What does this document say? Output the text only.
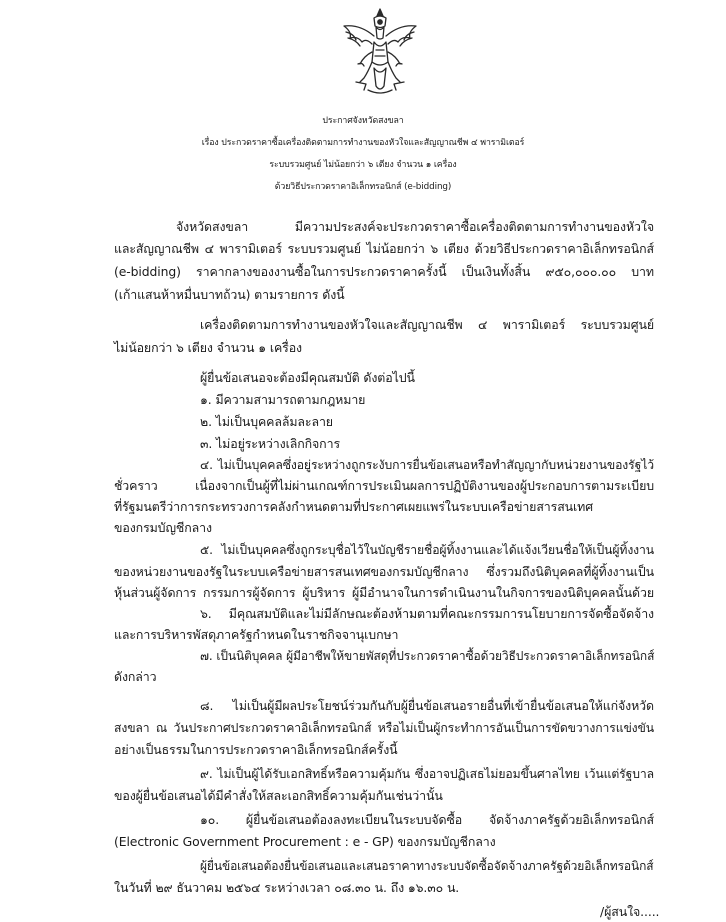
ประกาศจังหวัดสงขลา
เรื่อง ประกวดราคาซื้อเครื่องติดตามการทำงานของหัวใจและสัญญาณชีพ ๔ พารามิเตอร์
ระบบรวมศูนย์ ไม่น้อยกว่า ๖ เตียง จำนวน ๑ เครื่อง
ด้วยวิธีประกวดราคาอิเล็กทรอนิกส์ (e-bidding)
จังหวัดสงขลา มีความประสงค์จะประกวดราคาซื้อเครื่องติดตามการทำงานของหัวใจ
และสัญญาณชีพ ๔ พารามิเตอร์ ระบบรวมศูนย์ ไม่น้อยกว่า ๖ เตียง ด้วยวิธีประกวดราคาอิเล็กทรอนิกส์
(e-bidding) ราคากลางของงานซื้อในการประกวดราคาครั้งนี้ เป็นเงินทั้งสิ้น ๙๕๐,๐๐๐.๐๐ บาท
(เก้าแสนห้าหมื่นบาทถ้วน) ตามรายการ ดังนี้
เครื่องติดตามการทำงานของหัวใจและสัญญาณชีพ ๔ พารามิเตอร์ ระบบรวมศูนย์
ไม่น้อยกว่า ๖ เตียง จำนวน ๑ เครื่อง
ผู้ยื่นข้อเสนอจะต้องมีคุณสมบัติ ดังต่อไปนี้
๑. มีความสามารถตามกฎหมาย
๒. ไม่เป็นบุคคลล้มละลาย
๓. ไม่อยู่ระหว่างเลิกกิจการ
๔. ไม่เป็นบุคคลซึ่งอยู่ระหว่างถูกระงับการยื่นข้อเสนอหรือทำสัญญากับหน่วยงานของรัฐไว้
ชั่วคราว เนื่องจากเป็นผู้ที่ไม่ผ่านเกณฑ์การประเมินผลการปฏิบัติงานของผู้ประกอบการตามระเบียบ
ที่รัฐมนตรีว่าการกระทรวงการคลังกำหนดตามที่ประกาศเผยแพร่ในระบบเครือข่ายสารสนเทศ
ของกรมบัญชีกลาง
๕. ไม่เป็นบุคคลซึ่งถูกระบุชื่อไว้ในบัญชีรายชื่อผู้ทิ้งงานและได้แจ้งเวียนชื่อให้เป็นผู้ทิ้งงาน
ของหน่วยงานของรัฐในระบบเครือข่ายสารสนเทศของกรมบัญชีกลาง ซึ่งรวมถึงนิติบุคคลที่ผู้ทิ้งงานเป็น
หุ้นส่วนผู้จัดการ กรรมการผู้จัดการ ผู้บริหาร ผู้มีอำนาจในการดำเนินงานในกิจการของนิติบุคคลนั้นด้วย
๖. มีคุณสมบัติและไม่มีลักษณะต้องห้ามตามที่คณะกรรมการนโยบายการจัดซื้อจัดจ้าง
และการบริหารพัสดุภาครัฐกำหนดในราชกิจจานุเบกษา
๗. เป็นนิติบุคคล ผู้มีอาชีพให้ขายพัสดุที่ประกวดราคาซื้อด้วยวิธีประกวดราคาอิเล็กทรอนิกส์
ดังกล่าว
๘. ไม่เป็นผู้มีผลประโยชน์ร่วมกันกับผู้ยื่นข้อเสนอรายอื่นที่เข้ายื่นข้อเสนอให้แก่จังหวัด
สงขลา ณ วันประกาศประกวดราคาอิเล็กทรอนิกส์ หรือไม่เป็นผู้กระทำการอันเป็นการขัดขวางการแข่งขัน
อย่างเป็นธรรมในการประกวดราคาอิเล็กทรอนิกส์ครั้งนี้
๙. ไม่เป็นผู้ได้รับเอกสิทธิ์หรือความคุ้มกัน ซึ่งอาจปฏิเสธไม่ยอมขึ้นศาลไทย เว้นแต่รัฐบาล
ของผู้ยื่นข้อเสนอได้มีคำสั่งให้สละเอกสิทธิ์ความคุ้มกันเช่นว่านั้น
๑๐. ผู้ยื่นข้อเสนอต้องลงทะเบียนในระบบจัดซื้อ จัดจ้างภาครัฐด้วยอิเล็กทรอนิกส์
(Electronic Government Procurement : e - GP) ของกรมบัญชีกลาง
ผู้ยื่นข้อเสนอต้องยื่นข้อเสนอและเสนอราคาทางระบบจัดซื้อจัดจ้างภาครัฐด้วยอิเล็กทรอนิกส์
ในวันที่ ๒๙ ธันวาคม ๒๕๖๔ ระหว่างเวลา ๐๘.๓๐ น. ถึง ๑๖.๓๐ น.
/ผู้สนใจ.....
